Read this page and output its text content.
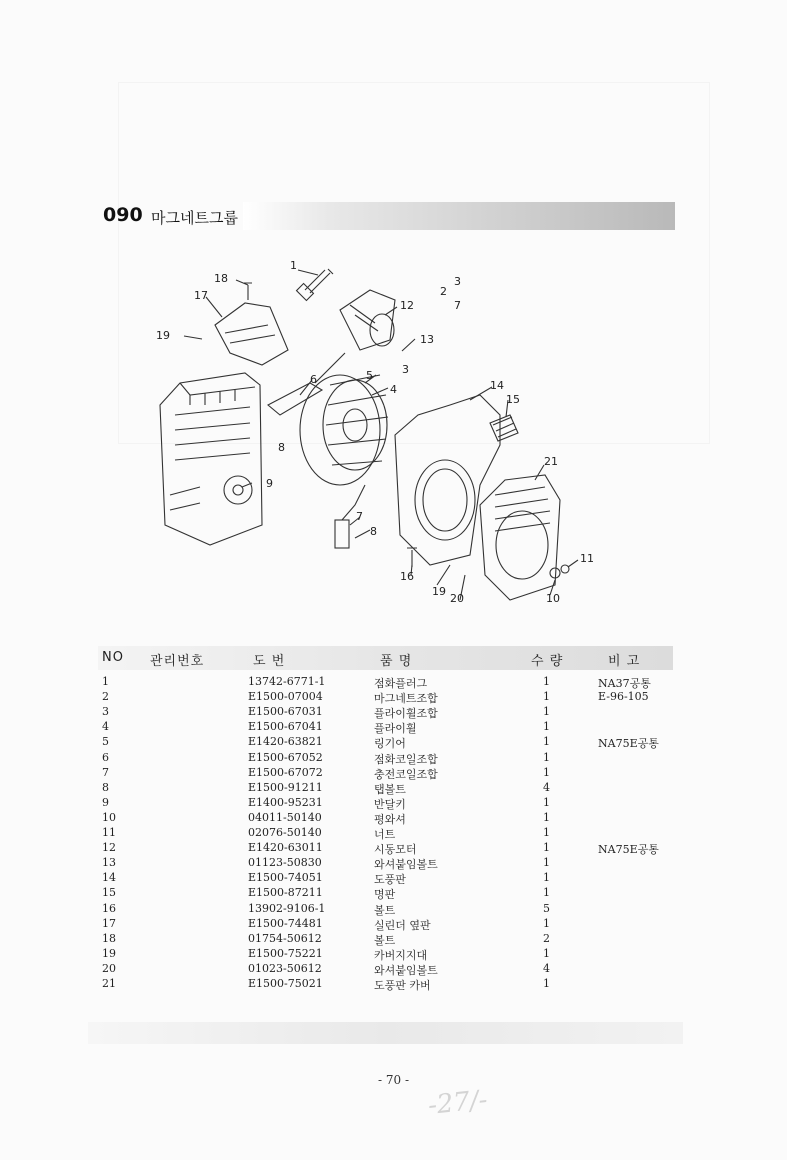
090 마그네트그룹
1
18
17
19
12
2
3
7
13
3
5
4
6	14
15
8
9
21
7
8
11
16
19
20	10
NO 관리번호	도 번	품 명	수 량	비 고
1	13742-6771-1	점화플러그	1	NA37공통
2	E1500-07004	마그네트조합	1	E-96-105
3	E1500-67031	플라이휠조합	1
4	E1500-67041	플라이휠	1
5	E1420-63821	링기어	1	NA75E공통
6	E1500-67052	점화코일조합	1
7	E1500-67072	충전코일조합	1
8	E1500-91211	탭볼트	4
9	E1400-95231	반달키	1
10	04011-50140	평와셔	1
11	02076-50140	너트	1
12	E1420-63011	시동모터	1	NA75E공통
13	01123-50830	와셔붙임볼트	1
14	E1500-74051	도풍판	1
15	E1500-87211	명판	1
16	13902-9106-1	볼트	5
17	E1500-74481	실린더 옆판	1
18	01754-50612	볼트	2
19	E1500-75221	카버지지대	1
20	01023-50612	와셔붙임볼트	4
21	E1500-75021	도풍판 카버	1
- 70 -
-27/-
